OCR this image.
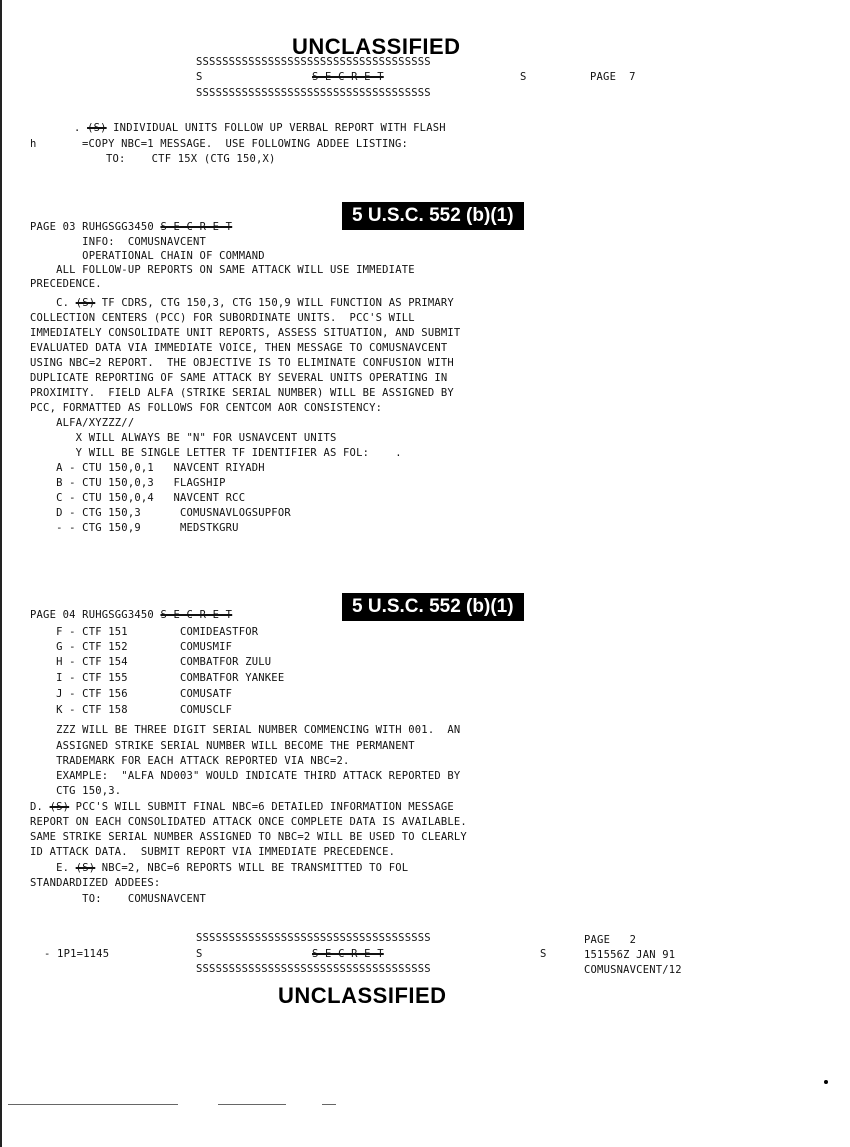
UNCLASSIFIED
SSSSSSSSSSSSSSSSSSSSSSSSSSSSSSSSSSSS
S	S E C R E T	S	PAGE  7
SSSSSSSSSSSSSSSSSSSSSSSSSSSSSSSSSSSS
. (S) INDIVIDUAL UNITS FOLLOW UP VERBAL REPORT WITH FLASH
h	=COPY NBC=1 MESSAGE.  USE FOLLOWING ADDEE LISTING:
TO:    CTF 15X (CTG 150,X)
PAGE 03 RUHGSGG3450 S E C R E T
5 U.S.C. 552 (b)(1)
INFO:  COMUSNAVCENT
OPERATIONAL CHAIN OF COMMAND
ALL FOLLOW-UP REPORTS ON SAME ATTACK WILL USE IMMEDIATE
PRECEDENCE.
C. (S) TF CDRS, CTG 150,3, CTG 150,9 WILL FUNCTION AS PRIMARY
COLLECTION CENTERS (PCC) FOR SUBORDINATE UNITS.  PCC'S WILL
IMMEDIATELY CONSOLIDATE UNIT REPORTS, ASSESS SITUATION, AND SUBMIT
EVALUATED DATA VIA IMMEDIATE VOICE, THEN MESSAGE TO COMUSNAVCENT
USING NBC=2 REPORT.  THE OBJECTIVE IS TO ELIMINATE CONFUSION WITH
DUPLICATE REPORTING OF SAME ATTACK BY SEVERAL UNITS OPERATING IN
PROXIMITY.  FIELD ALFA (STRIKE SERIAL NUMBER) WILL BE ASSIGNED BY
PCC, FORMATTED AS FOLLOWS FOR CENTCOM AOR CONSISTENCY:
ALFA/XYZZZ//
X WILL ALWAYS BE "N" FOR USNAVCENT UNITS
Y WILL BE SINGLE LETTER TF IDENTIFIER AS FOL:    .
A - CTU 150,0,1   NAVCENT RIYADH
B - CTU 150,0,3   FLAGSHIP
C - CTU 150,0,4   NAVCENT RCC
D - CTG 150,3      COMUSNAVLOGSUPFOR
- - CTG 150,9      MEDSTKGRU
PAGE 04 RUHGSGG3450 S E C R E T	5 U.S.C. 552 (b)(1)
F - CTF 151        COMIDEASTFOR
G - CTF 152        COMUSMIF
H - CTF 154        COMBATFOR ZULU
I - CTF 155        COMBATFOR YANKEE
J - CTF 156        COMUSATF
K - CTF 158        COMUSCLF
ZZZ WILL BE THREE DIGIT SERIAL NUMBER COMMENCING WITH 001.  AN
ASSIGNED STRIKE SERIAL NUMBER WILL BECOME THE PERMANENT
TRADEMARK FOR EACH ATTACK REPORTED VIA NBC=2.
EXAMPLE:  "ALFA ND003" WOULD INDICATE THIRD ATTACK REPORTED BY
CTG 150,3.
D. (S) PCC'S WILL SUBMIT FINAL NBC=6 DETAILED INFORMATION MESSAGE
REPORT ON EACH CONSOLIDATED ATTACK ONCE COMPLETE DATA IS AVAILABLE.
SAME STRIKE SERIAL NUMBER ASSIGNED TO NBC=2 WILL BE USED TO CLEARLY
ID ATTACK DATA.  SUBMIT REPORT VIA IMMEDIATE PRECEDENCE.
E. (S) NBC=2, NBC=6 REPORTS WILL BE TRANSMITTED TO FOL
STANDARDIZED ADDEES:
TO:    COMUSNAVCENT
SSSSSSSSSSSSSSSSSSSSSSSSSSSSSSSSSSSS
- 1P1=1145	S	S E C R E T	S
SSSSSSSSSSSSSSSSSSSSSSSSSSSSSSSSSSSS
PAGE   2
151556Z JAN 91
COMUSNAVCENT/12
UNCLASSIFIED
